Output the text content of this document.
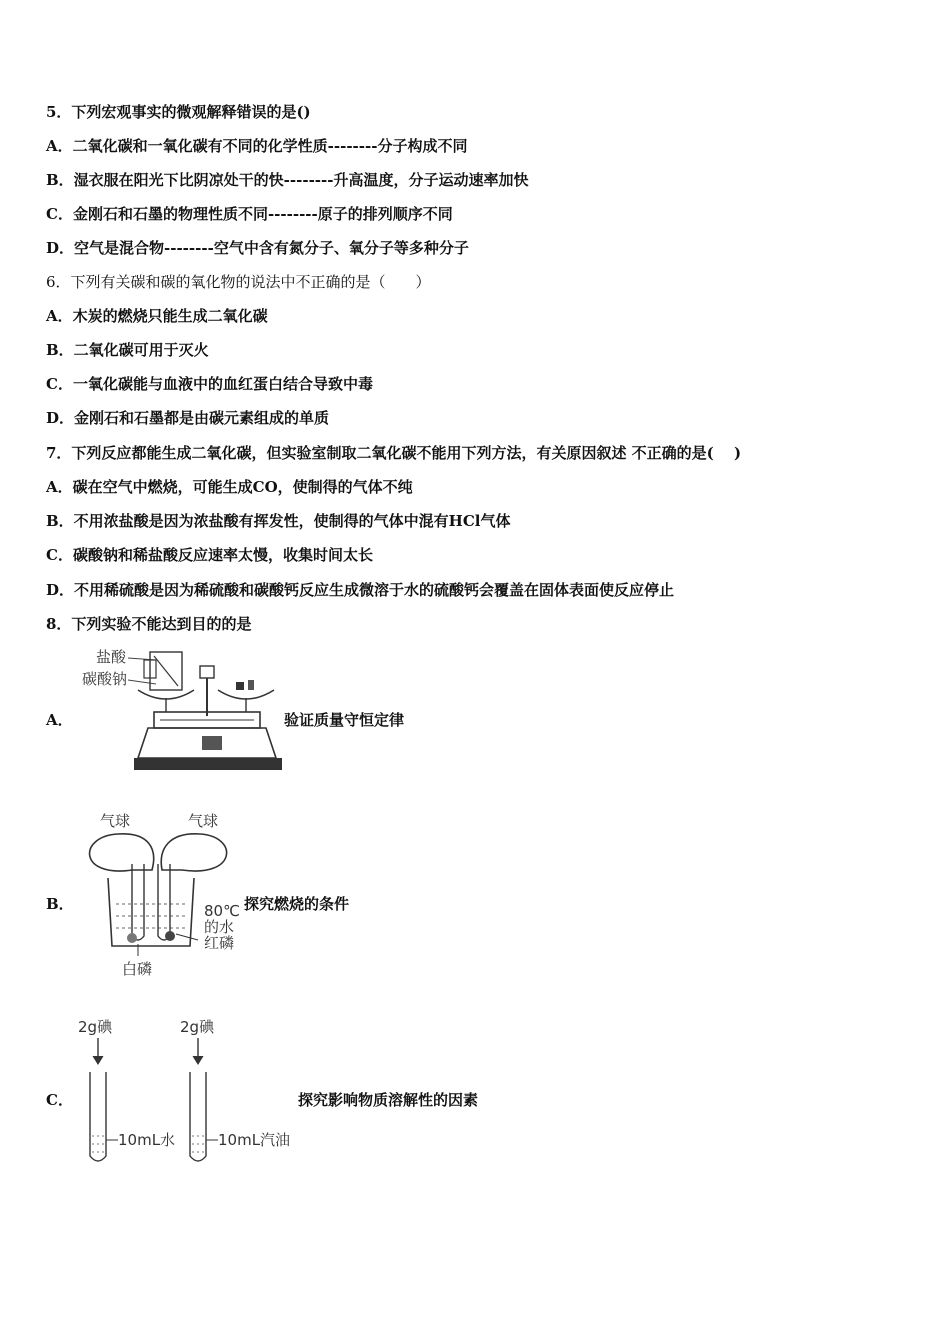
5．下列宏观事实的微观解释错误的是()
A．二氧化碳和一氧化碳有不同的化学性质--------分子构成不同
B．湿衣服在阳光下比阴凉处干的快--------升高温度，分子运动速率加快
C．金刚石和石墨的物理性质不同--------原子的排列顺序不同
D．空气是混合物--------空气中含有氮分子、氧分子等多种分子
6．下列有关碳和碳的氧化物的说法中不正确的是（　　）
A．木炭的燃烧只能生成二氧化碳
B．二氧化碳可用于灭火
C．一氧化碳能与血液中的血红蛋白结合导致中毒
D．金刚石和石墨都是由碳元素组成的单质
7．下列反应都能生成二氧化碳，但实验室制取二氧化碳不能用下列方法，有关原因叙述 不正确的是(　 )
A．碳在空气中燃烧，可能生成CO，使制得的气体不纯
B．不用浓盐酸是因为浓盐酸有挥发性，使制得的气体中混有HCl气体
C．碳酸钠和稀盐酸反应速率太慢，收集时间太长
D．不用稀硫酸是因为稀硫酸和碳酸钙反应生成微溶于水的硫酸钙会覆盖在固体表面使反应停止
8．下列实验不能达到目的的是
A．
盐酸
碳酸钠
验证质量守恒定律
B．
气球	气球
80℃
的水
红磷
白磷
探究燃烧的条件
C．
2g碘	2g碘
10mL水	10mL汽油
探究影响物质溶解性的因素
